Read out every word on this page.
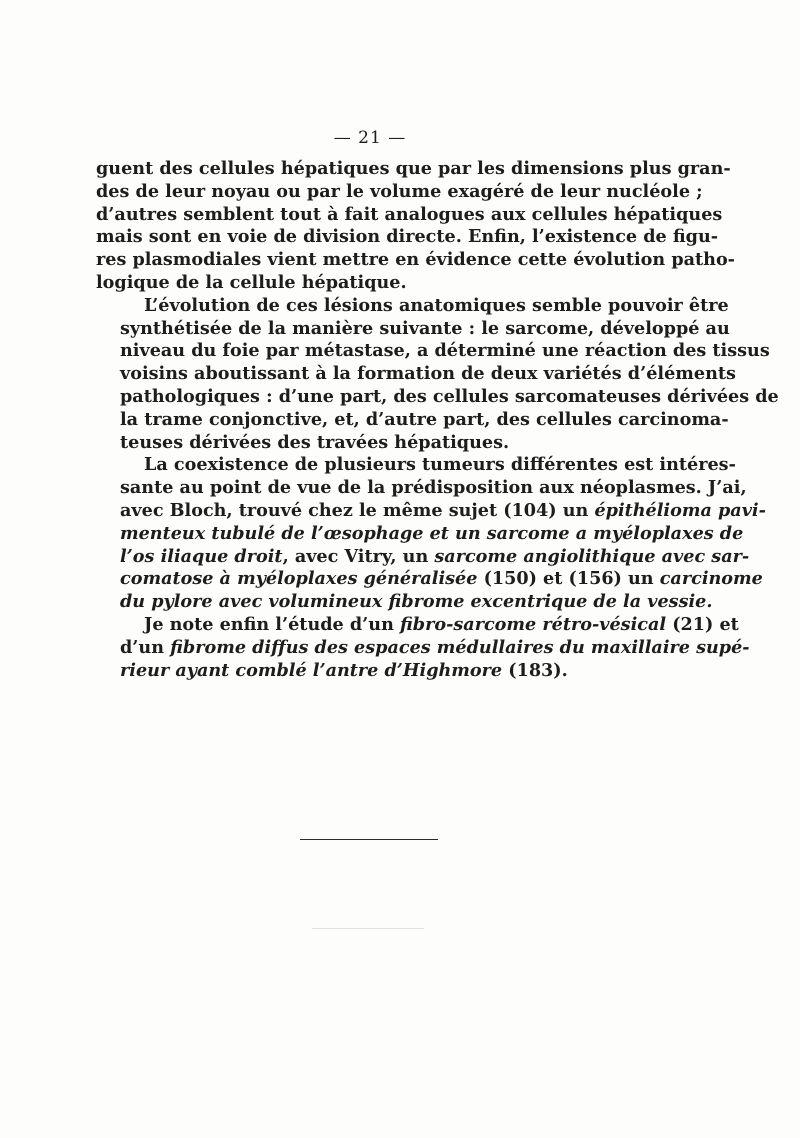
— 21 —

guent des cellules hépatiques que par les dimensions plus gran-
des de leur noyau ou par le volume exagéré de leur nucléole ;
d’autres semblent tout à fait analogues aux cellules hépatiques
mais sont en voie de division directe. Enfin, l’existence de figu-
res plasmodiales vient mettre en évidence cette évolution patho-
logique de la cellule hépatique.

L’évolution de ces lésions anatomiques semble pouvoir être
synthétisée de la manière suivante : le sarcome, développé au
niveau du foie par métastase, a déterminé une réaction des tissus
voisins aboutissant à la formation de deux variétés d’éléments
pathologiques : d’une part, des cellules sarcomateuses dérivées de
la trame conjonctive, et, d’autre part, des cellules carcinoma-
teuses dérivées des travées hépatiques.

La coexistence de plusieurs tumeurs différentes est intéres-
sante au point de vue de la prédisposition aux néoplasmes. J’ai,
avec Bloch, trouvé chez le même sujet (104) un épithélioma pavi-
menteux tubulé de l’œsophage et un sarcome a myéloplaxes de
l’os iliaque droit, avec Vitry, un sarcome angiolithique avec sar-
comatose à myéloplaxes généralisée (150) et (156) un carcinome
du pylore avec volumineux fibrome excentrique de la vessie.

Je note enfin l’étude d’un fibro-sarcome rétro-vésical (21) et
d’un fibrome diffus des espaces médullaires du maxillaire supé-
rieur ayant comblé l’antre d’Highmore (183).
